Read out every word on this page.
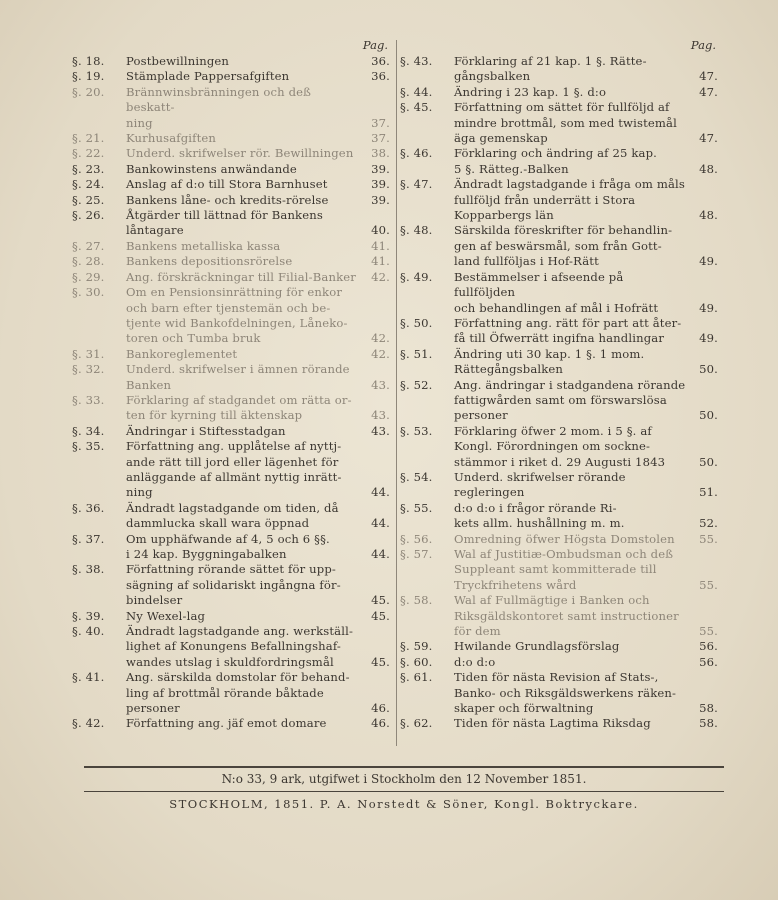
Pag.
§. 18.	Postbewillningen	36.
§. 19.	Stämplade Pappersafgiften	36.
§. 20.	Brännwinsbränningen och deß beskatt-
ning	37.
§. 21.	Kurhusafgiften	37.
§. 22.	Underd. skrifwelser rör. Bewillningen	38.
§. 23.	Bankowinstens anwändande	39.
§. 24.	Anslag af d:o till Stora Barnhuset	39.
§. 25.	Bankens låne- och kredits-rörelse	39.
§. 26.	Åtgärder till lättnad för Bankens
låntagare	40.
§. 27.	Bankens metalliska kassa	41.
§. 28.	Bankens depositionsrörelse	41.
§. 29.	Ang. förskräckningar till Filial-Banker	42.
§. 30.	Om en Pensionsinrättning för enkor
och barn efter tjenstemän och be-
tjente wid Bankofdelningen, Låneko-
toren och Tumba bruk	42.
§. 31.	Bankoreglementet	42.
§. 32.	Underd. skrifwelser i ämnen rörande
Banken	43.
§. 33.	Förklaring af stadgandet om rätta or-
ten för kyrning till äktenskap	43.
§. 34.	Ändringar i Stiftesstadgan	43.
§. 35.	Författning ang. upplåtelse af nyttj-
ande rätt till jord eller lägenhet för
anläggande af allmänt nyttig inrätt-
ning	44.
§. 36.	Ändradt lagstadgande om tiden, då
dammlucka skall wara öppnad	44.
§. 37.	Om upphäfwande af 4, 5 och 6 §§.
i 24 kap. Byggningabalken	44.
§. 38.	Författning rörande sättet för upp-
sägning af solidariskt ingångna för-
bindelser	45.
§. 39.	Ny Wexel-lag	45.
§. 40.	Ändradt lagstadgande ang. werkställ-
lighet af Konungens Befallningshaf-
wandes utslag i skuldfordringsmål	45.
§. 41.	Ang. särskilda domstolar för behand-
ling af brottmål rörande båktade
personer	46.
§. 42.	Författning ang. jäf emot domare	46.
Pag.
§. 43.	Förklaring af 21 kap. 1 §. Rätte-
gångsbalken	47.
§. 44.	Ändring i 23 kap. 1 §. d:o	47.
§. 45.	Författning om sättet för fullföljd af
mindre brottmål, som med twistemål
äga gemenskap	47.
§. 46.	Förklaring och ändring af 25 kap.
5 §. Rätteg.-Balken	48.
§. 47.	Ändradt lagstadgande i fråga om måls
fullföljd från underrätt i Stora
Kopparbergs län	48.
§. 48.	Särskilda föreskrifter för behandlin-
gen af beswärsmål, som från Gott-
land fullföljas i Hof-Rätt	49.
§. 49.	Bestämmelser i afseende på fullföljden
och behandlingen af mål i Hofrätt	49.
§. 50.	Författning ang. rätt för part att åter-
få till Öfwerrätt ingifna handlingar	49.
§. 51.	Ändring uti 30 kap. 1 §. 1 mom.
Rättegångsbalken	50.
§. 52.	Ang. ändringar i stadgandena rörande
fattigwården samt om förswarslösa
personer	50.
§. 53.	Förklaring öfwer 2 mom. i 5 §. af
Kongl. Förordningen om sockne-
stämmor i riket d. 29 Augusti 1843	50.
§. 54.	Underd. skrifwelser rörande regleringen	51.
§. 55.	d:o d:o i frågor rörande Ri-
kets allm. hushållning m. m.	52.
§. 56.	Omredning öfwer Högsta Domstolen	55.
§. 57.	Wal af Justitiæ-Ombudsman och deß
Suppleant samt kommitterade till
Tryckfrihetens wård	55.
§. 58.	Wal af Fullmägtige i Banken och
Riksgäldskontoret samt instructioner
för dem	55.
§. 59.	Hwilande Grundlagsförslag	56.
§. 60.	d:o d:o	56.
§. 61.	Tiden för nästa Revision af Stats-,
Banko- och Riksgäldswerkens räken-
skaper och förwaltning	58.
§. 62.	Tiden för nästa Lagtima Riksdag	58.
N:o 33, 9 ark, utgifwet i Stockholm den 12 November 1851.
STOCKHOLM, 1851. P. A. Norstedt & Söner, Kongl. Boktryckare.
